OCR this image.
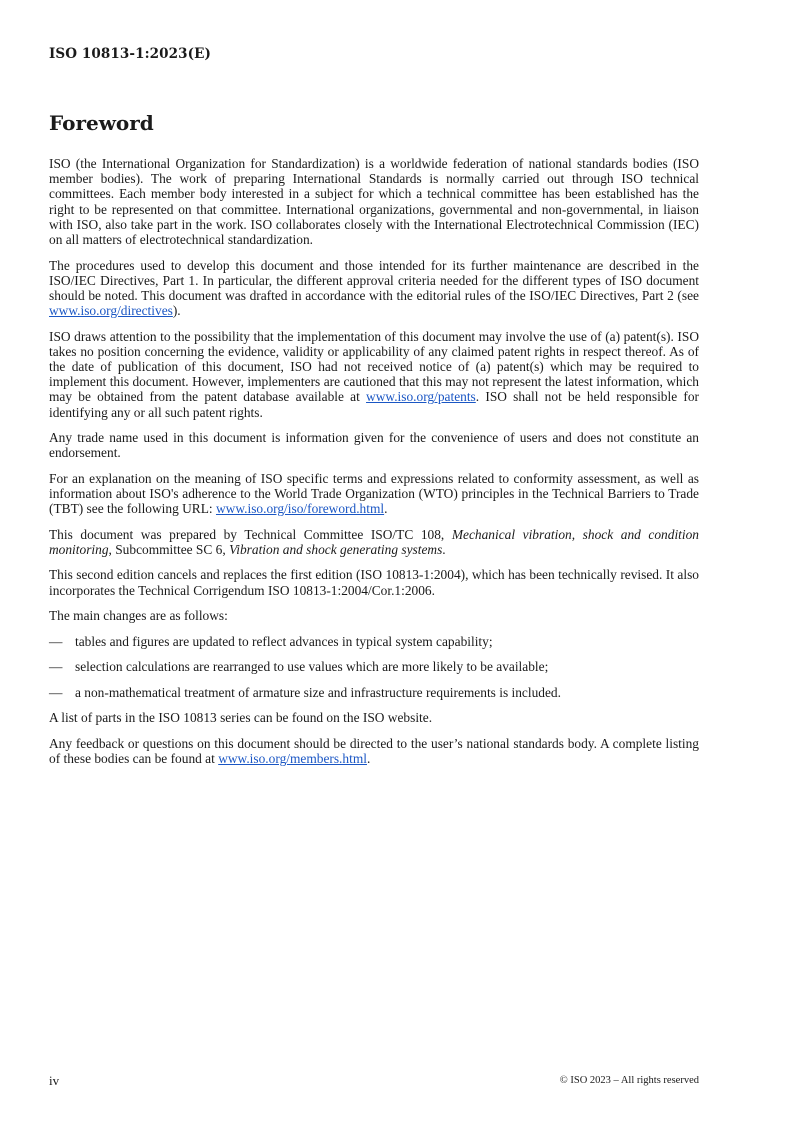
ISO 10813-1:2023(E)
Foreword

ISO (the International Organization for Standardization) is a worldwide federation of national standards bodies (ISO member bodies). The work of preparing International Standards is normally carried out through ISO technical committees. Each member body interested in a subject for which a technical committee has been established has the right to be represented on that committee. International organizations, governmental and non-governmental, in liaison with ISO, also take part in the work. ISO collaborates closely with the International Electrotechnical Commission (IEC) on all matters of electrotechnical standardization.

The procedures used to develop this document and those intended for its further maintenance are described in the ISO/IEC Directives, Part 1. In particular, the different approval criteria needed for the different types of ISO document should be noted. This document was drafted in accordance with the editorial rules of the ISO/IEC Directives, Part 2 (see www.iso.org/directives).

ISO draws attention to the possibility that the implementation of this document may involve the use of (a) patent(s). ISO takes no position concerning the evidence, validity or applicability of any claimed patent rights in respect thereof. As of the date of publication of this document, ISO had not received notice of (a) patent(s) which may be required to implement this document. However, implementers are cautioned that this may not represent the latest information, which may be obtained from the patent database available at www.iso.org/patents. ISO shall not be held responsible for identifying any or all such patent rights.

Any trade name used in this document is information given for the convenience of users and does not constitute an endorsement.

For an explanation on the meaning of ISO specific terms and expressions related to conformity assessment, as well as information about ISO's adherence to the World Trade Organization (WTO) principles in the Technical Barriers to Trade (TBT) see the following URL: www.iso.org/iso/foreword.html.

This document was prepared by Technical Committee ISO/TC 108, Mechanical vibration, shock and condition monitoring, Subcommittee SC 6, Vibration and shock generating systems.

This second edition cancels and replaces the first edition (ISO 10813-1:2004), which has been technically revised. It also incorporates the Technical Corrigendum ISO 10813-1:2004/Cor.1:2006.

The main changes are as follows:

— tables and figures are updated to reflect advances in typical system capability;
— selection calculations are rearranged to use values which are more likely to be available;
— a non-mathematical treatment of armature size and infrastructure requirements is included.

A list of parts in the ISO 10813 series can be found on the ISO website.

Any feedback or questions on this document should be directed to the user’s national standards body. A complete listing of these bodies can be found at www.iso.org/members.html.

iv	© ISO 2023 – All rights reserved
